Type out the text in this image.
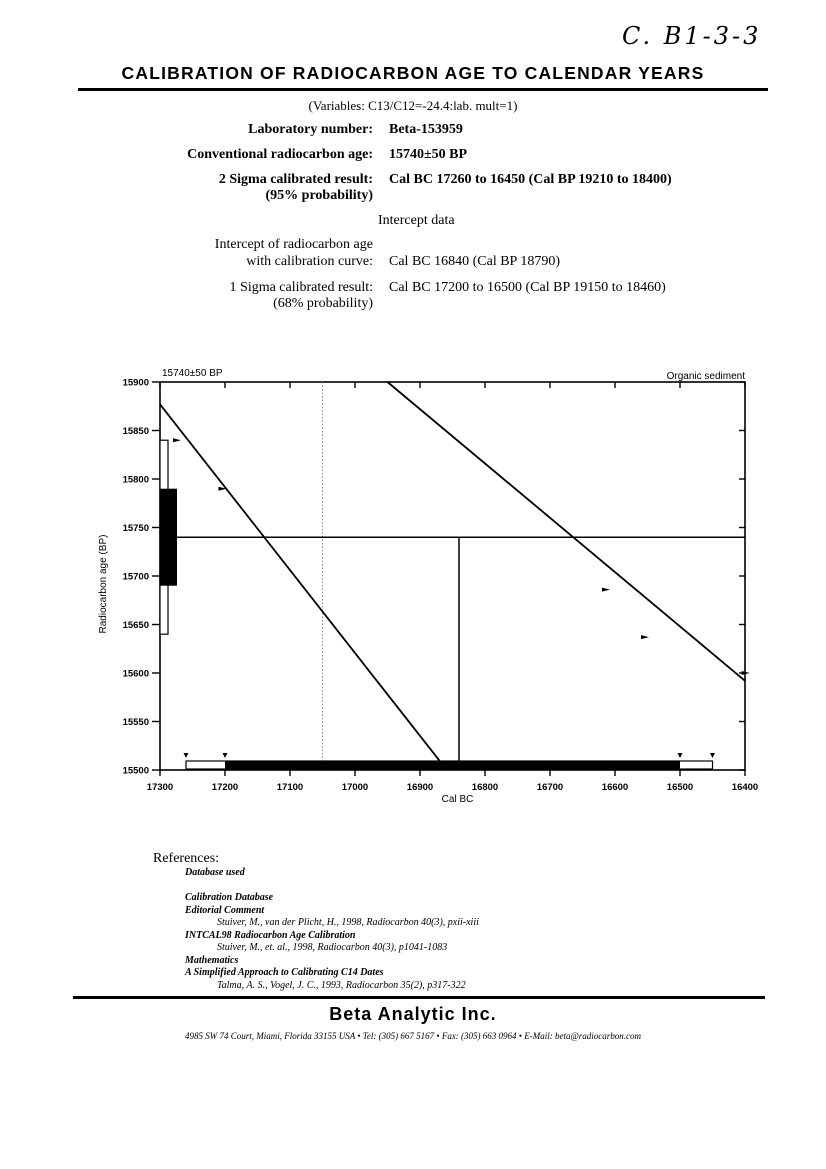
C. B1-3-3
CALIBRATION OF RADIOCARBON AGE TO CALENDAR YEARS
(Variables: C13/C12=-24.4:lab. mult=1)
Laboratory number: Beta-153959
Conventional radiocarbon age: 15740±50 BP
2 Sigma calibrated result:
(95% probability)
Cal BC 17260 to 16450 (Cal BP 19210 to 18400)
Intercept data
Intercept of radiocarbon age
with calibration curve: Cal BC 16840 (Cal BP 18790)
1 Sigma calibrated result:
(68% probability)
Cal BC 17200 to 16500 (Cal BP 19150 to 18460)
15740±50 BP	Organic sediment
Cal BC
Radiocarbon age (BP)
15500
15550
15600
15650
15700
15750
15800
15850
15900
17300	17200	17100	17000	16900	16800	16700	16600	16500	16400
References:
Database used
Calibration Database
Editorial Comment
Stuiver, M., van der Plicht, H., 1998, Radiocarbon 40(3), pxii-xiii
INTCAL98 Radiocarbon Age Calibration
Stuiver, M., et. al., 1998, Radiocarbon 40(3), p1041-1083
Mathematics
A Simplified Approach to Calibrating C14 Dates
Talma, A. S., Vogel, J. C., 1993, Radiocarbon 35(2), p317-322
Beta Analytic Inc.
4985 SW 74 Court, Miami, Florida 33155 USA • Tel: (305) 667 5167 • Fax: (305) 663 0964 • E-Mail: beta@radiocarbon.com
